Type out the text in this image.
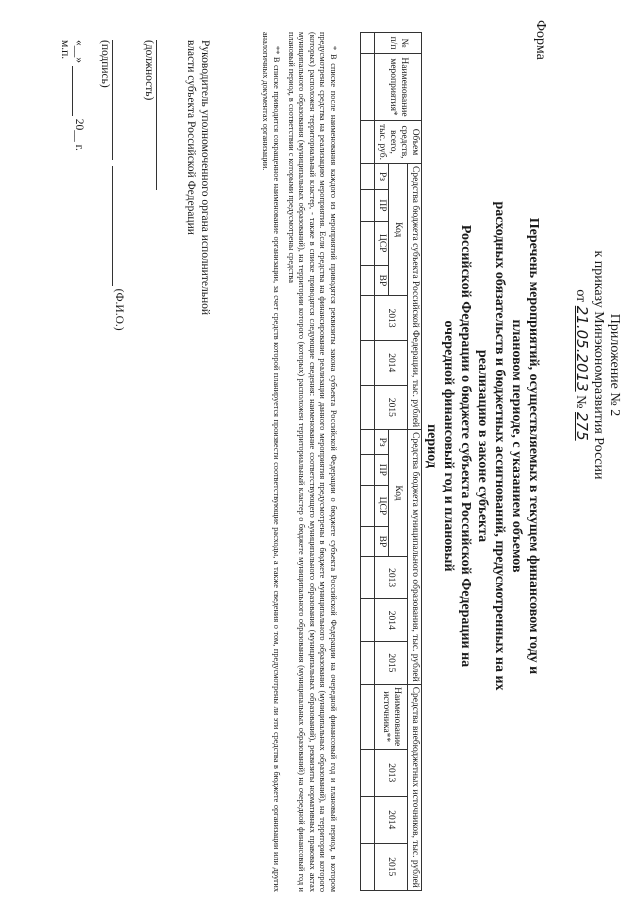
Приложение № 2
к приказу Минэкономразвития России
от 21.05.2013 № 275
Форма
Перечень мероприятий, осуществляемых в текущем финансовом году и плановом периоде, с указанием объемов
расходных обязательств и бюджетных ассигнований, предусмотренных на их реализацию в законе субъекта
Российской Федерации о бюджете субъекта Российской Федерации на очередной финансовый год и плановый
период
№ п/п	Наименование мероприятия*	Объем средств, всего, тыс. руб.	Средства бюджета субъекта Российской Федерации, тыс. рублей							Средства бюджета муниципального образования, тыс. рублей							Средства внебюджетных источников, тыс. рублей			
			Код				2013	2014	2015	Код				2013	2014	2015	Наименование источника**	2013	2014	2015
			Рз	ПР	ЦСР	ВР				Рз	ПР	ЦСР	ВР							

* В списке после наименования каждого из мероприятий приводятся реквизиты закона субъекта Российской Федерации о бюджете субъекта Российской Федерации на очередной финансовый год и плановый период, в котором предусмотрены средства на реализацию мероприятия. Если средства на финансирование реализации данного мероприятия предусмотрены в бюджете муниципального образования (муниципальных образований), на территории которого (которых) расположен территориальный кластер, - также в списке приводятся следующие сведения: наименование соответствующего муниципального образования (муниципальных образований), реквизиты нормативных правовых актах муниципального образования (муниципальных образований), на территории которого (которых) расположен территориальный кластер о бюджете муниципального образования (муниципальных образований) на очередной финансовый год и плановый период, в соответствии с которыми предусмотрены средства

** В списке приводится сокращенное наименование организации, за счет средств которой планируется произвести соответствующие расходы, а также сведения о том, предусмотрены ли эти средства в бюджете организации или других аналогичных документах организации.

Руководитель уполномоченного органа исполнительной
власти субъекта Российской Федерации
(должность)
(Ф.И.О.)
(подпись)
«__»  20__ г.
м.п.
